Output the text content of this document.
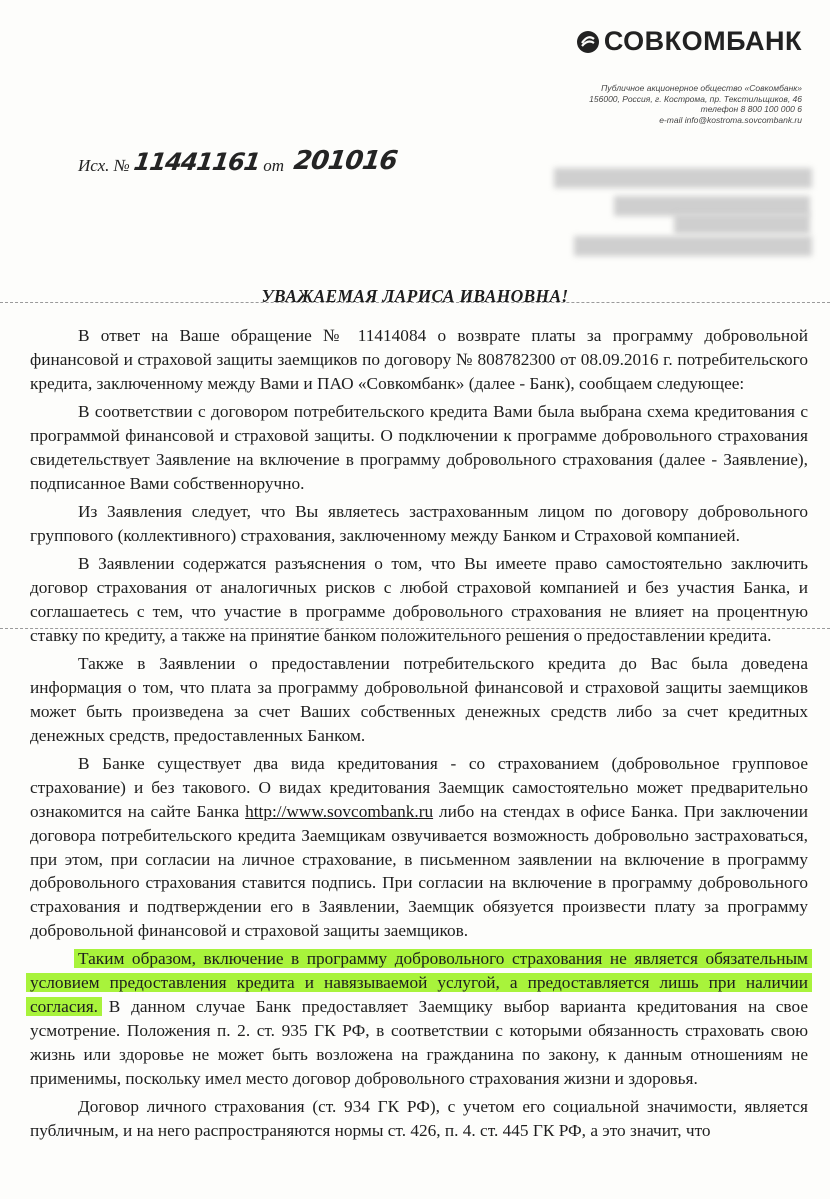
СОВКОМБАНК
Публичное акционерное общество «Совкомбанк»
156000, Россия, г. Кострома, пр. Текстильщиков, 46
телефон 8 800 100 000 6
e-mail info@kostroma.sovcombank.ru
Исх. № 11441161 от 201016
УВАЖАЕМАЯ ЛАРИСА ИВАНОВНА!

В ответ на Ваше обращение № 11414084 о возврате платы за программу добровольной финансовой и страховой защиты заемщиков по договору № 808782300 от 08.09.2016 г. потребительского кредита, заключенному между Вами и ПАО «Совкомбанк» (далее - Банк), сообщаем следующее:

В соответствии с договором потребительского кредита Вами была выбрана схема кредитования с программой финансовой и страховой защиты. О подключении к программе добровольного страхования свидетельствует Заявление на включение в программу добровольного страхования (далее - Заявление), подписанное Вами собственноручно.

Из Заявления следует, что Вы являетесь застрахованным лицом по договору добровольного группового (коллективного) страхования, заключенному между Банком и Страховой компанией.

В Заявлении содержатся разъяснения о том, что Вы имеете право самостоятельно заключить договор страхования от аналогичных рисков с любой страховой компанией и без участия Банка, и соглашаетесь с тем, что участие в программе добровольного страхования не влияет на процентную ставку по кредиту, а также на принятие банком положительного решения о предоставлении кредита.

Также в Заявлении о предоставлении потребительского кредита до Вас была доведена информация о том, что плата за программу добровольной финансовой и страховой защиты заемщиков может быть произведена за счет Ваших собственных денежных средств либо за счет кредитных денежных средств, предоставленных Банком.

В Банке существует два вида кредитования - со страхованием (добровольное групповое страхование) и без такового. О видах кредитования Заемщик самостоятельно может предварительно ознакомится на сайте Банка http://www.sovcombank.ru либо на стендах в офисе Банка. При заключении договора потребительского кредита Заемщикам озвучивается возможность добровольно застраховаться, при этом, при согласии на личное страхование, в письменном заявлении на включение в программу добровольного страхования ставится подпись. При согласии на включение в программу добровольного страхования и подтверждении его в Заявлении, Заемщик обязуется произвести плату за программу добровольной финансовой и страховой защиты заемщиков.

Таким образом, включение в программу добровольного страхования не является обязательным условием предоставления кредита и навязываемой услугой, а предоставляется лишь при наличии согласия. В данном случае Банк предоставляет Заемщику выбор варианта кредитования на свое усмотрение. Положения п. 2. ст. 935 ГК РФ, в соответствии с которыми обязанность страховать свою жизнь или здоровье не может быть возложена на гражданина по закону, к данным отношениям не применимы, поскольку имел место договор добровольного страхования жизни и здоровья.

Договор личного страхования (ст. 934 ГК РФ), с учетом его социальной значимости, является публичным, и на него распространяются нормы ст. 426, п. 4. ст. 445 ГК РФ, а это значит, что
